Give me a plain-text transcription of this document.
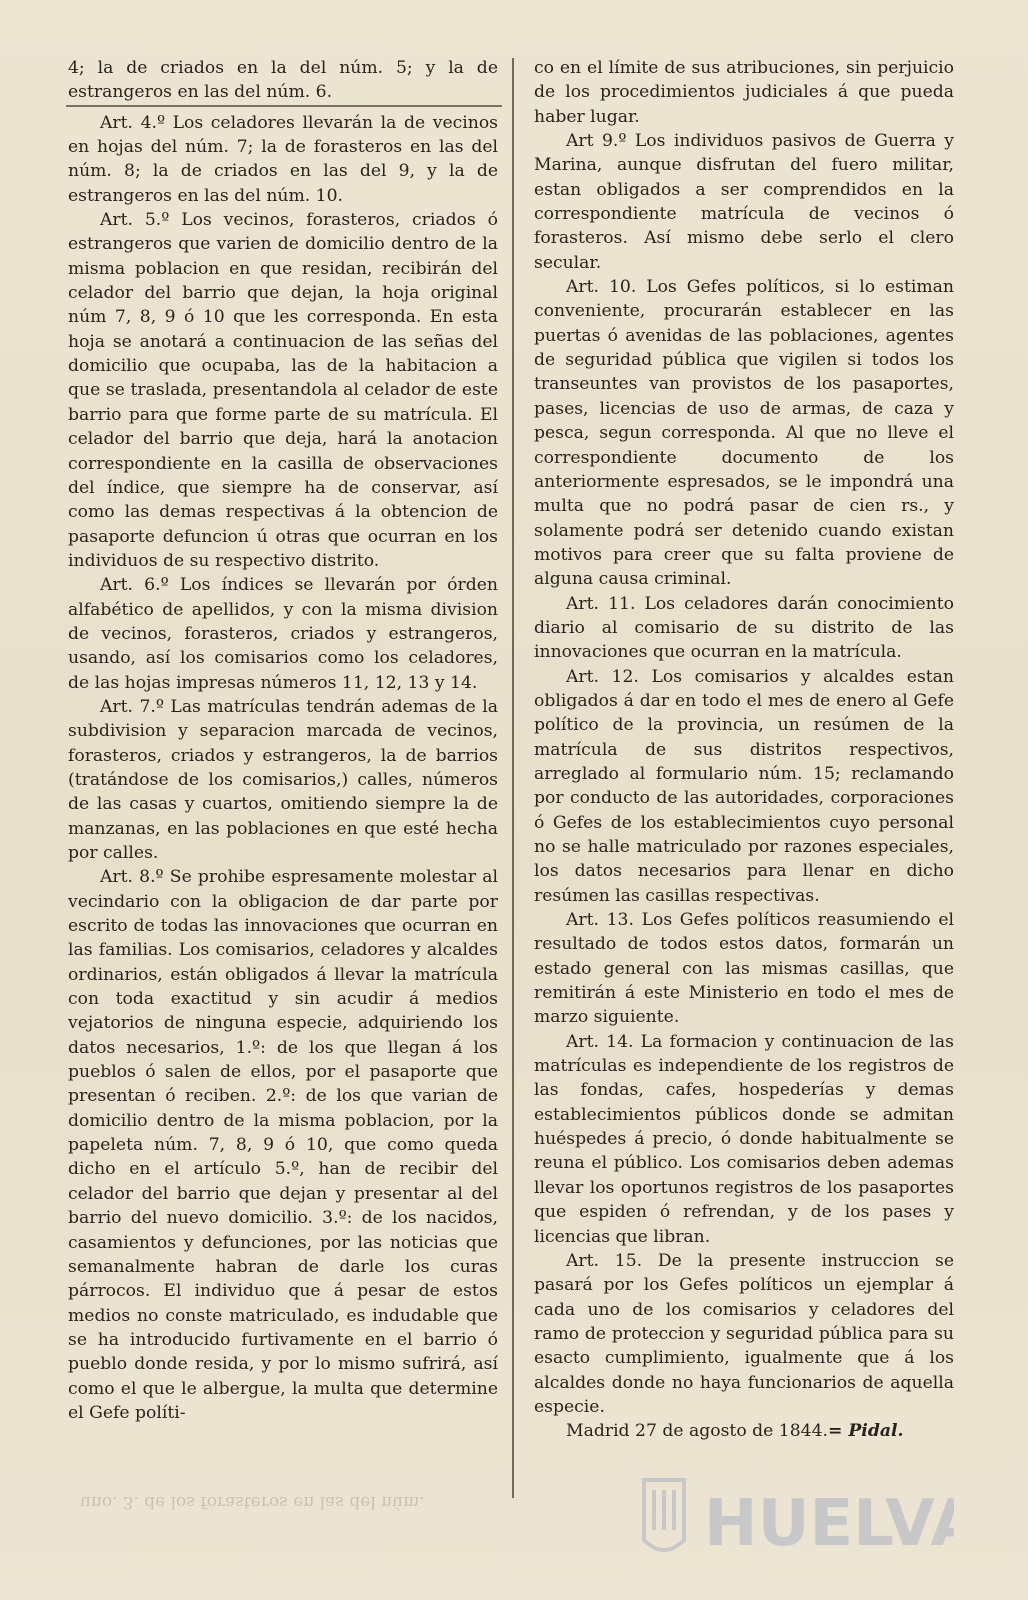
4; la de criados en la del núm. 5; y la de estrangeros en las del núm. 6.

Art. 4.º Los celadores llevarán la de vecinos en hojas del núm. 7; la de forasteros en las del núm. 8; la de criados en las del 9, y la de estrangeros en las del núm. 10.

Art. 5.º Los vecinos, forasteros, criados ó estrangeros que varien de domicilio dentro de la misma poblacion en que residan, recibirán del celador del barrio que dejan, la hoja original núm 7, 8, 9 ó 10 que les corresponda. En esta hoja se anotará a continuacion de las señas del domicilio que ocupaba, las de la habitacion a que se traslada, presentandola al celador de este barrio para que forme parte de su matrícula. El celador del barrio que deja, hará la anotacion correspondiente en la casilla de observaciones del índice, que siempre ha de conservar, así como las demas respectivas á la obtencion de pasaporte defuncion ú otras que ocurran en los individuos de su respectivo distrito.

Art. 6.º Los índices se llevarán por órden alfabético de apellidos, y con la misma division de vecinos, forasteros, criados y estrangeros, usando, así los comisarios como los celadores, de las hojas impresas números 11, 12, 13 y 14.

Art. 7.º Las matrículas tendrán ademas de la subdivision y separacion marcada de vecinos, forasteros, criados y estrangeros, la de barrios (tratándose de los comisarios,) calles, números de las casas y cuartos, omitiendo siempre la de manzanas, en las poblaciones en que esté hecha por calles.

Art. 8.º Se prohibe espresamente molestar al vecindario con la obligacion de dar parte por escrito de todas las innovaciones que ocurran en las familias. Los comisarios, celadores y alcaldes ordinarios, están obligados á llevar la matrícula con toda exactitud y sin acudir á medios vejatorios de ninguna especie, adquiriendo los datos necesarios, 1.º: de los que llegan á los pueblos ó salen de ellos, por el pasaporte que presentan ó reciben. 2.º: de los que varian de domicilio dentro de la misma poblacion, por la papeleta núm. 7, 8, 9 ó 10, que como queda dicho en el artículo 5.º, han de recibir del celador del barrio que dejan y presentar al del barrio del nuevo domicilio. 3.º: de los nacidos, casamientos y defunciones, por las noticias que semanalmente habran de darle los curas párrocos. El individuo que á pesar de estos medios no conste matriculado, es indudable que se ha introducido furtivamente en el barrio ó pueblo donde resida, y por lo mismo sufrirá, así como el que le albergue, la multa que determine el Gefe políti-

co en el límite de sus atribuciones, sin perjuicio de los procedimientos judiciales á que pueda haber lugar.

Art 9.º Los individuos pasivos de Guerra y Marina, aunque disfrutan del fuero militar, estan obligados a ser comprendidos en la correspondiente matrícula de vecinos ó forasteros. Así mismo debe serlo el clero secular.

Art. 10. Los Gefes políticos, si lo estiman conveniente, procurarán establecer en las puertas ó avenidas de las poblaciones, agentes de seguridad pública que vigilen si todos los transeuntes van provistos de los pasaportes, pases, licencias de uso de armas, de caza y pesca, segun corresponda. Al que no lleve el correspondiente documento de los anteriormente espresados, se le impondrá una multa que no podrá pasar de cien rs., y solamente podrá ser detenido cuando existan motivos para creer que su falta proviene de alguna causa criminal.

Art. 11. Los celadores darán conocimiento diario al comisario de su distrito de las innovaciones que ocurran en la matrícula.

Art. 12. Los comisarios y alcaldes estan obligados á dar en todo el mes de enero al Gefe político de la provincia, un resúmen de la matrícula de sus distritos respectivos, arreglado al formulario núm. 15; reclamando por conducto de las autoridades, corporaciones ó Gefes de los establecimientos cuyo personal no se halle matriculado por razones especiales, los datos necesarios para llenar en dicho resúmen las casillas respectivas.

Art. 13. Los Gefes políticos reasumiendo el resultado de todos estos datos, formarán un estado general con las mismas casillas, que remitirán á este Ministerio en todo el mes de marzo siguiente.

Art. 14. La formacion y continuacion de las matrículas es independiente de los registros de las fondas, cafes, hospederías y demas establecimientos públicos donde se admitan huéspedes á precio, ó donde habitualmente se reuna el público. Los comisarios deben ademas llevar los oportunos registros de los pasaportes que espiden ó refrendan, y de los pases y licencias que libran.

Art. 15. De la presente instruccion se pasará por los Gefes políticos un ejemplar á cada uno de los comisarios y celadores del ramo de proteccion y seguridad pública para su esacto cumplimiento, igualmente que á los alcaldes donde no haya funcionarios de aquella especie.

Madrid 27 de agosto de 1844.= Pidal.

uno. 3. de los forasteros en las del núm.	HUELVA
